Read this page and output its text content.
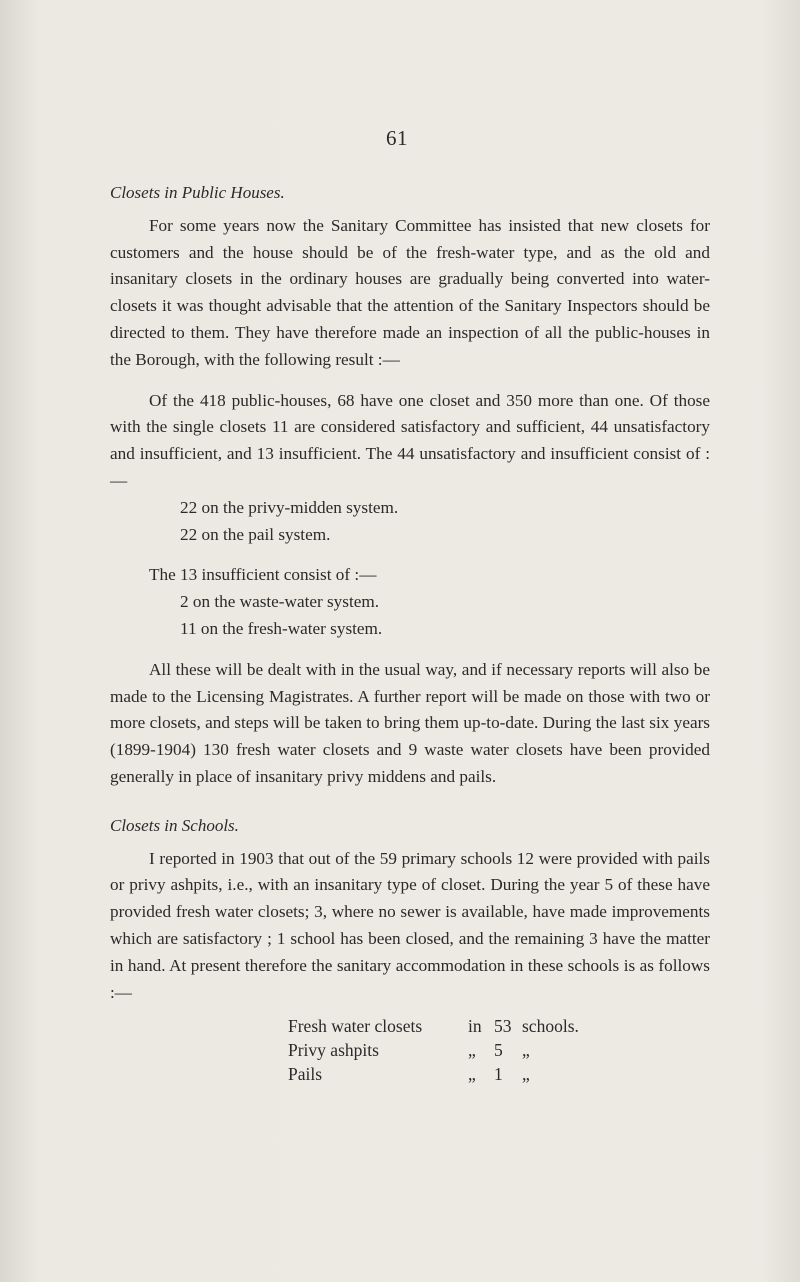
61
Closets in Public Houses.

For some years now the Sanitary Committee has insisted that new closets for customers and the house should be of the fresh-water type, and as the old and insanitary closets in the ordinary houses are gradually being converted into water-closets it was thought advisable that the attention of the Sanitary Inspectors should be directed to them. They have therefore made an inspection of all the public-houses in the Borough, with the following result :—

Of the 418 public-houses, 68 have one closet and 350 more than one. Of those with the single closets 11 are considered satisfactory and sufficient, 44 unsatisfactory and insufficient, and 13 insufficient. The 44 unsatisfactory and insufficient consist of :—

22 on the privy-midden system.
22 on the pail system.

The 13 insufficient consist of :—

2 on the waste-water system.
11 on the fresh-water system.

All these will be dealt with in the usual way, and if necessary reports will also be made to the Licensing Magistrates. A further report will be made on those with two or more closets, and steps will be taken to bring them up-to-date. During the last six years (1899-1904) 130 fresh water closets and 9 waste water closets have been provided generally in place of insanitary privy middens and pails.

Closets in Schools.

I reported in 1903 that out of the 59 primary schools 12 were provided with pails or privy ashpits, i.e., with an insanitary type of closet. During the year 5 of these have provided fresh water closets; 3, where no sewer is available, have made improvements which are satisfactory ; 1 school has been closed, and the remaining 3 have the matter in hand. At present therefore the sanitary accommodation in these schools is as follows :—

Fresh water closets	in 53 schools.
Privy ashpits	„	5	„
Pails	„	1	„
